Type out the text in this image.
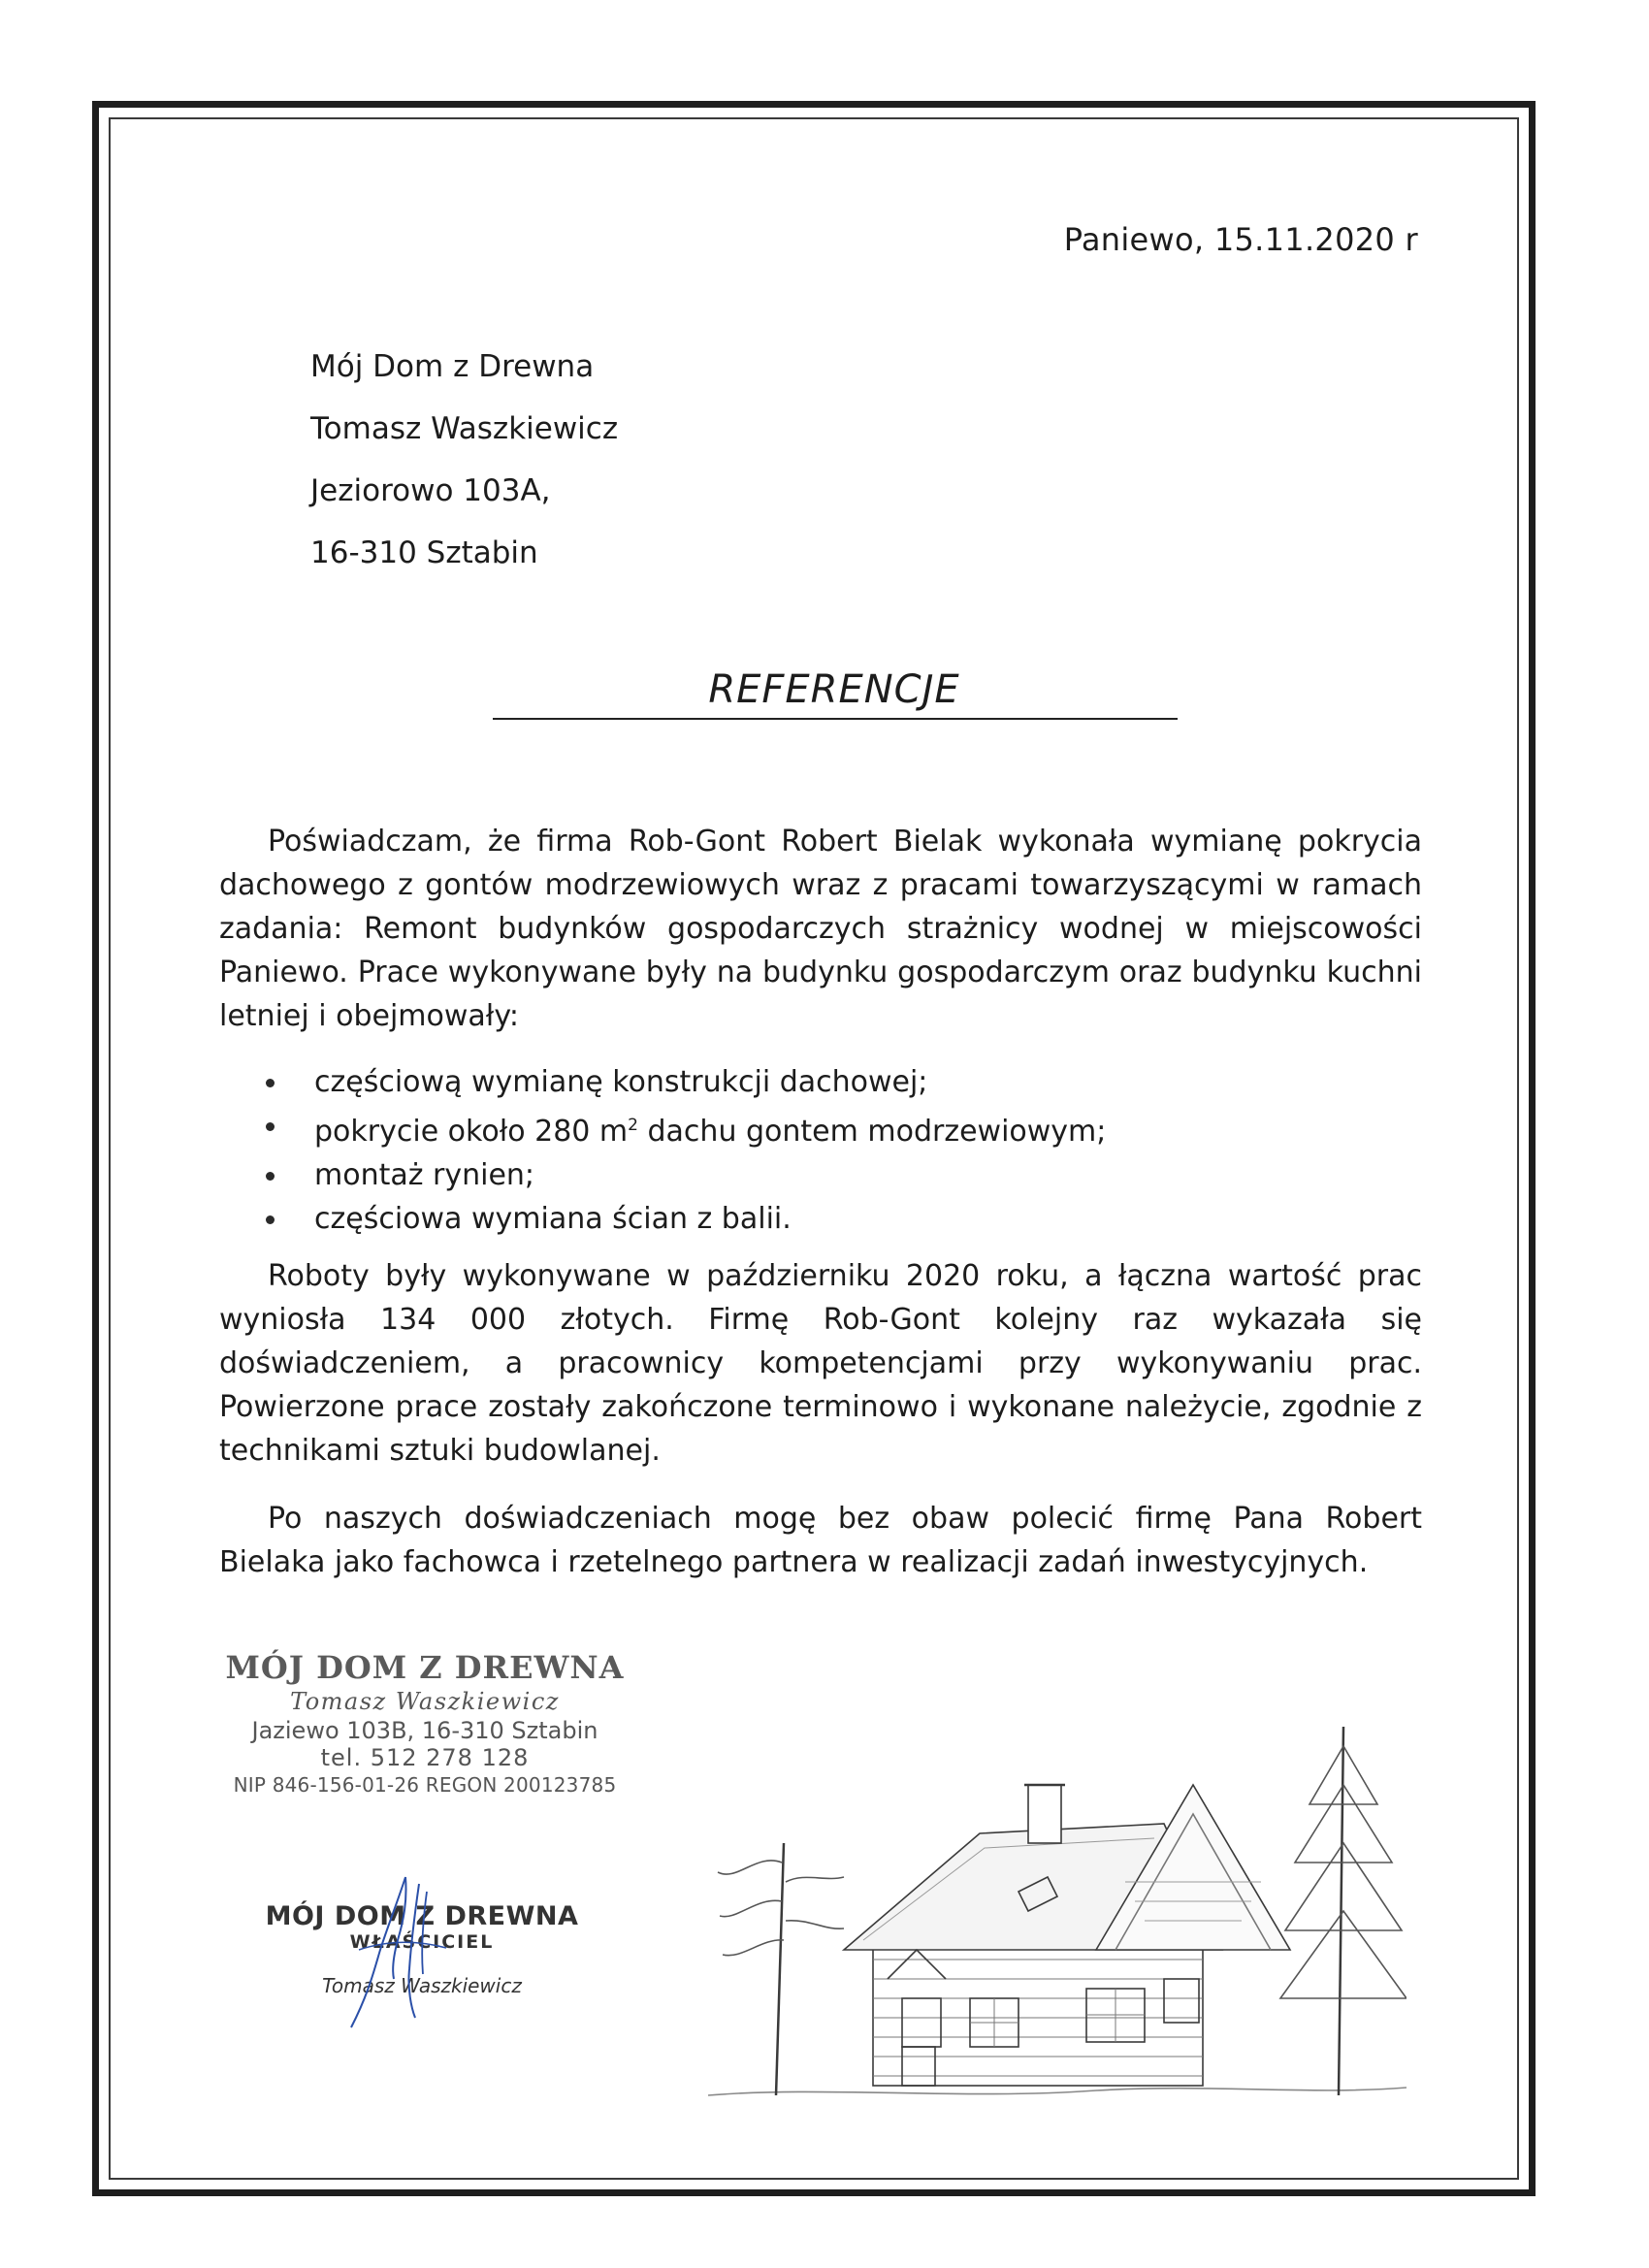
Paniewo, 15.11.2020 r
Mój Dom z Drewna
Tomasz Waszkiewicz
Jeziorowo 103A,
16-310 Sztabin
REFERENCJE
Poświadczam, że firma Rob-Gont Robert Bielak wykonała wymianę pokrycia dachowego z gontów modrzewiowych wraz z pracami towarzyszącymi w ramach zadania: Remont budynków gospodarczych strażnicy wodnej w miejscowości Paniewo. Prace wykonywane były na budynku gospodarczym oraz budynku kuchni letniej i obejmowały:
częściową wymianę konstrukcji dachowej;
pokrycie około 280 $m^2$ dachu gontem modrzewiowym;
montaż rynien;
częściowa wymiana ścian z balii.
Roboty były wykonywane w październiku 2020 roku, a łączna wartość prac wyniosła 134 000 złotych. Firmę Rob-Gont kolejny raz wykazała się doświadczeniem, a pracownicy kompetencjami przy wykonywaniu prac. Powierzone prace zostały zakończone terminowo i wykonane należycie, zgodnie z technikami sztuki budowlanej.
Po naszych doświadczeniach mogę bez obaw polecić firmę Pana Robert Bielaka jako fachowca i rzetelnego partnera w realizacji zadań inwestycyjnych.
MÓJ DOM Z DREWNA
Tomasz Waszkiewicz
Jaziewo 103B, 16-310 Sztabin
tel. 512 278 128
NIP 846-156-01-26 REGON 200123785
MÓJ DOM Z DREWNA
WŁAŚCICIEL
Tomasz Waszkiewicz
